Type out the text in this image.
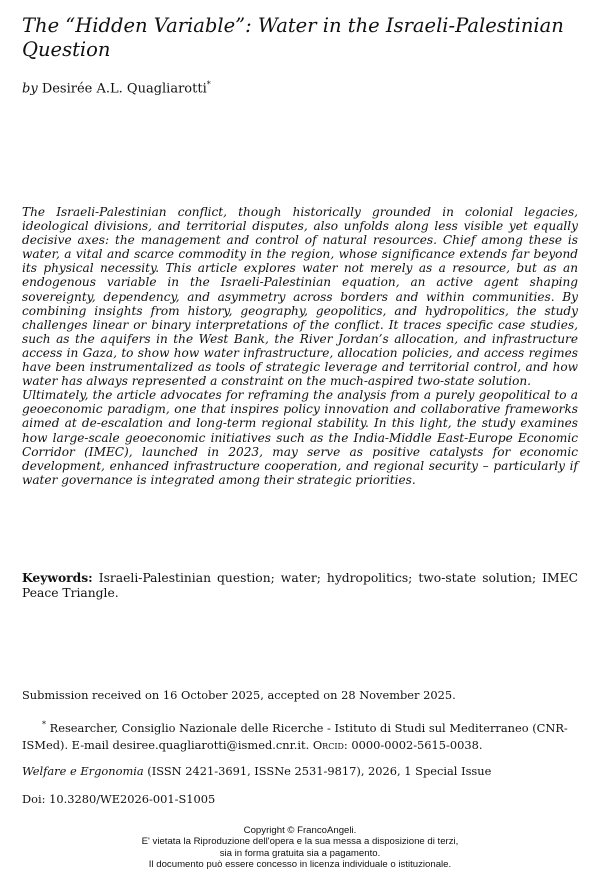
The “Hidden Variable”: Water in the Israeli-Palestinian Question
by Desirée A.L. Quagliarotti*

The Israeli-Palestinian conflict, though historically grounded in colonial legacies, ideological divisions, and territorial disputes, also unfolds along less visible yet equally decisive axes: the management and control of natural resources. Chief among these is water, a vital and scarce commodity in the region, whose significance extends far beyond its physical necessity. This article explores water not merely as a resource, but as an endogenous variable in the Israeli-Palestinian equation, an active agent shaping sovereignty, dependency, and asymmetry across borders and within communities. By combining insights from history, geography, geopolitics, and hydropolitics, the study challenges linear or binary interpretations of the conflict. It traces specific case studies, such as the aquifers in the West Bank, the River Jordan’s allocation, and infrastructure access in Gaza, to show how water infrastructure, allocation policies, and access regimes have been instrumentalized as tools of strategic leverage and territorial control, and how water has always represented a constraint on the much-aspired two-state solution.

Ultimately, the article advocates for reframing the analysis from a purely geopolitical to a geoeconomic paradigm, one that inspires policy innovation and collaborative frameworks aimed at de-escalation and long-term regional stability. In this light, the study examines how large-scale geoeconomic initiatives such as the India-Middle East-Europe Economic Corridor (IMEC), launched in 2023, may serve as positive catalysts for economic development, enhanced infrastructure cooperation, and regional security – particularly if water governance is integrated among their strategic priorities.

Keywords: Israeli-Palestinian question; water; hydropolitics; two-state solution; IMEC Peace Triangle.
Submission received on 16 October 2025, accepted on 28 November 2025.
* Researcher, Consiglio Nazionale delle Ricerche - Istituto di Studi sul Mediterraneo (CNR-ISMed). E-mail desiree.quagliarotti@ismed.cnr.it. Orcid: 0000-0002-5615-0038.
Welfare e Ergonomia (ISSN 2421-3691, ISSNe 2531-9817), 2026, 1 Special Issue
Doi: 10.3280/WE2026-001-S1005
Copyright © FrancoAngeli.
E' vietata la Riproduzione dell'opera e la sua messa a disposizione di terzi,
sia in forma gratuita sia a pagamento.
Il documento può essere concesso in licenza individuale o istituzionale.
